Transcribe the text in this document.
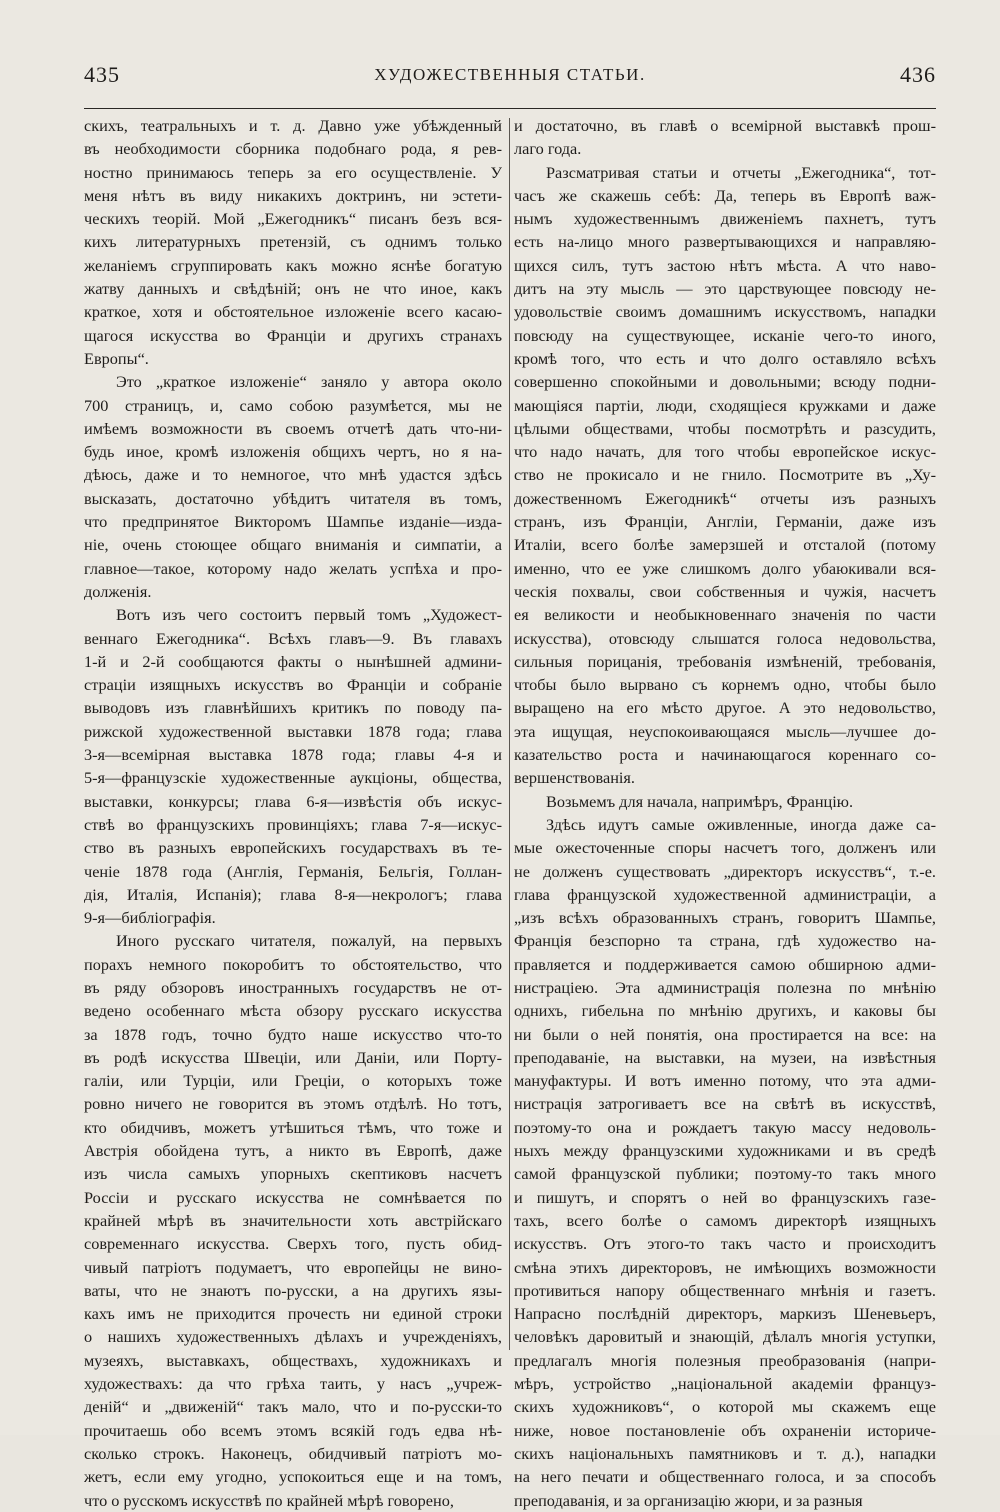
435	ХУДОЖЕСТВЕННЫЯ СТАТЬИ.	436
скихъ, театральныхъ и т. д. Давно уже убѣжденный
въ необходимости сборника подобнаго рода, я рев-
ностно принимаюсь теперь за его осуществленіе. У
меня нѣтъ въ виду никакихъ доктринъ, ни эстети-
ческихъ теорій. Мой „Ежегодникъ“ писанъ безъ вся-
кихъ литературныхъ претензій, съ однимъ только
желаніемъ сгруппировать какъ можно яснѣе богатую
жатву данныхъ и свѣдѣній; онъ не что иное, какъ
краткое, хотя и обстоятельное изложеніе всего касаю-
щагося искусства во Франціи и другихъ странахъ
Европы“.
Это „краткое изложеніе“ заняло у автора около
700 страницъ, и, само собою разумѣется, мы не
имѣемъ возможности въ своемъ отчетѣ дать что-ни-
будь иное, кромѣ изложенія общихъ чертъ, но я на-
дѣюсь, даже и то немногое, что мнѣ удастся здѣсь
высказать, достаточно убѣдитъ читателя въ томъ,
что предпринятое Викторомъ Шампье изданіе—изда-
ніе, очень стоющее общаго вниманія и симпатіи, а
главное—такое, которому надо желать успѣха и про-
долженія.
Вотъ изъ чего состоитъ первый томъ „Художест-
веннаго Ежегодника“. Всѣхъ главъ—9. Въ главахъ
1-й и 2-й сообщаются факты о нынѣшней админи-
страціи изящныхъ искусствъ во Франціи и собраніе
выводовъ изъ главнѣйшихъ критикъ по поводу па-
рижской художественной выставки 1878 года; глава
3-я—всемірная выставка 1878 года; главы 4-я и
5-я—французскіе художественные аукціоны, общества,
выставки, конкурсы; глава 6-я—извѣстія объ искус-
ствѣ во французскихъ провинціяхъ; глава 7-я—искус-
ство въ разныхъ европейскихъ государствахъ въ те-
ченіе 1878 года (Англія, Германія, Бельгія, Голлан-
дія, Италія, Испанія); глава 8-я—некрологъ; глава
9-я—библіографія.
Иного русскаго читателя, пожалуй, на первыхъ
порахъ немного покоробитъ то обстоятельство, что
въ ряду обзоровъ иностранныхъ государствъ не от-
ведено особеннаго мѣста обзору русскаго искусства
за 1878 годъ, точно будто наше искусство что-то
въ родѣ искусства Швеціи, или Даніи, или Порту-
галіи, или Турціи, или Греціи, о которыхъ тоже
ровно ничего не говорится въ этомъ отдѣлѣ. Но тотъ,
кто обидчивъ, можетъ утѣшиться тѣмъ, что тоже и
Австрія обойдена тутъ, а никто въ Европѣ, даже
изъ числа самыхъ упорныхъ скептиковъ насчетъ
Россіи и русскаго искусства не сомнѣвается по
крайней мѣрѣ въ значительности хоть австрійскаго
современнаго искусства. Сверхъ того, пусть обид-
чивый патріотъ подумаетъ, что европейцы не вино-
ваты, что не знаютъ по-русски, а на другихъ язы-
кахъ имъ не приходится прочесть ни единой строки
о нашихъ художественныхъ дѣлахъ и учрежденіяхъ,
музеяхъ, выставкахъ, обществахъ, художникахъ и
художествахъ: да что грѣха таить, у насъ „учреж-
деній“ и „движеній“ такъ мало, что и по-русски-то
прочитаешь обо всемъ этомъ всякій годъ едва нѣ-
сколько строкъ. Наконецъ, обидчивый патріотъ мо-
жетъ, если ему угодно, успокоиться еще и на томъ,
что о русскомъ искусствѣ по крайней мѣрѣ говорено,
и достаточно, въ главѣ о всемірной выставкѣ прош-
лаго года.
Разсматривая статьи и отчеты „Ежегодника“, тот-
часъ же скажешь себѣ: Да, теперь въ Европѣ важ-
нымъ художественнымъ движеніемъ пахнетъ, тутъ
есть на-лицо много развертывающихся и направляю-
щихся силъ, тутъ застою нѣтъ мѣста. А что наво-
дитъ на эту мысль — это царствующее повсюду не-
удовольствіе своимъ домашнимъ искусствомъ, нападки
повсюду на существующее, исканіе чего-то иного,
кромѣ того, что есть и что долго оставляло всѣхъ
совершенно спокойными и довольными; всюду подни-
мающіяся партіи, люди, сходящіеся кружками и даже
цѣлыми обществами, чтобы посмотрѣть и разсудить,
что надо начать, для того чтобы европейское искус-
ство не прокисало и не гнило. Посмотрите въ „Ху-
дожественномъ Ежегодникѣ“ отчеты изъ разныхъ
странъ, изъ Франціи, Англіи, Германіи, даже изъ
Италіи, всего болѣе замерзшей и отсталой (потому
именно, что ее уже слишкомъ долго убаюкивали вся-
ческія похвалы, свои собственныя и чужія, насчетъ
ея великости и необыкновеннаго значенія по части
искусства), отовсюду слышатся голоса недовольства,
сильныя порицанія, требованія измѣненій, требованія,
чтобы было вырвано съ корнемъ одно, чтобы было
выращено на его мѣсто другое. А это недовольство,
эта ищущая, неуспокоивающаяся мысль—лучшее до-
казательство роста и начинающагося кореннаго со-
вершенствованія.
Возьмемъ для начала, напримѣръ, Францію.
Здѣсь идутъ самые оживленные, иногда даже са-
мые ожесточенные споры насчетъ того, долженъ или
не долженъ существовать „директоръ искусствъ“, т.-е.
глава французской художественной администраціи, а
„изъ всѣхъ образованныхъ странъ, говоритъ Шампье,
Франція безспорно та страна, гдѣ художество на-
правляется и поддерживается самою обширною адми-
нистраціею. Эта администрація полезна по мнѣнію
однихъ, гибельна по мнѣнію другихъ, и каковы бы
ни были о ней понятія, она простирается на все: на
преподаваніе, на выставки, на музеи, на извѣстныя
мануфактуры. И вотъ именно потому, что эта адми-
нистрація затрогиваетъ все на свѣтѣ въ искусствѣ,
поэтому-то она и рождаетъ такую массу недоволь-
ныхъ между французскими художниками и въ средѣ
самой французской публики; поэтому-то такъ много
и пишутъ, и спорятъ о ней во французскихъ газе-
тахъ, всего болѣе о самомъ директорѣ изящныхъ
искусствъ. Отъ этого-то такъ часто и происходитъ
смѣна этихъ директоровъ, не имѣющихъ возможности
противиться напору общественнаго мнѣнія и газетъ.
Напрасно послѣдній директоръ, маркизъ Шеневьеръ,
человѣкъ даровитый и знающій, дѣлалъ многія уступки,
предлагалъ многія полезныя преобразованія (напри-
мѣръ, устройство „національной академіи француз-
скихъ художниковъ“, о которой мы скажемъ еще
ниже, новое постановленіе объ охраненіи историче-
скихъ національныхъ памятниковъ и т. д.), нападки
на него печати и общественнаго голоса, и за способъ
преподаванія, и за организацію жюри, и за разныя
